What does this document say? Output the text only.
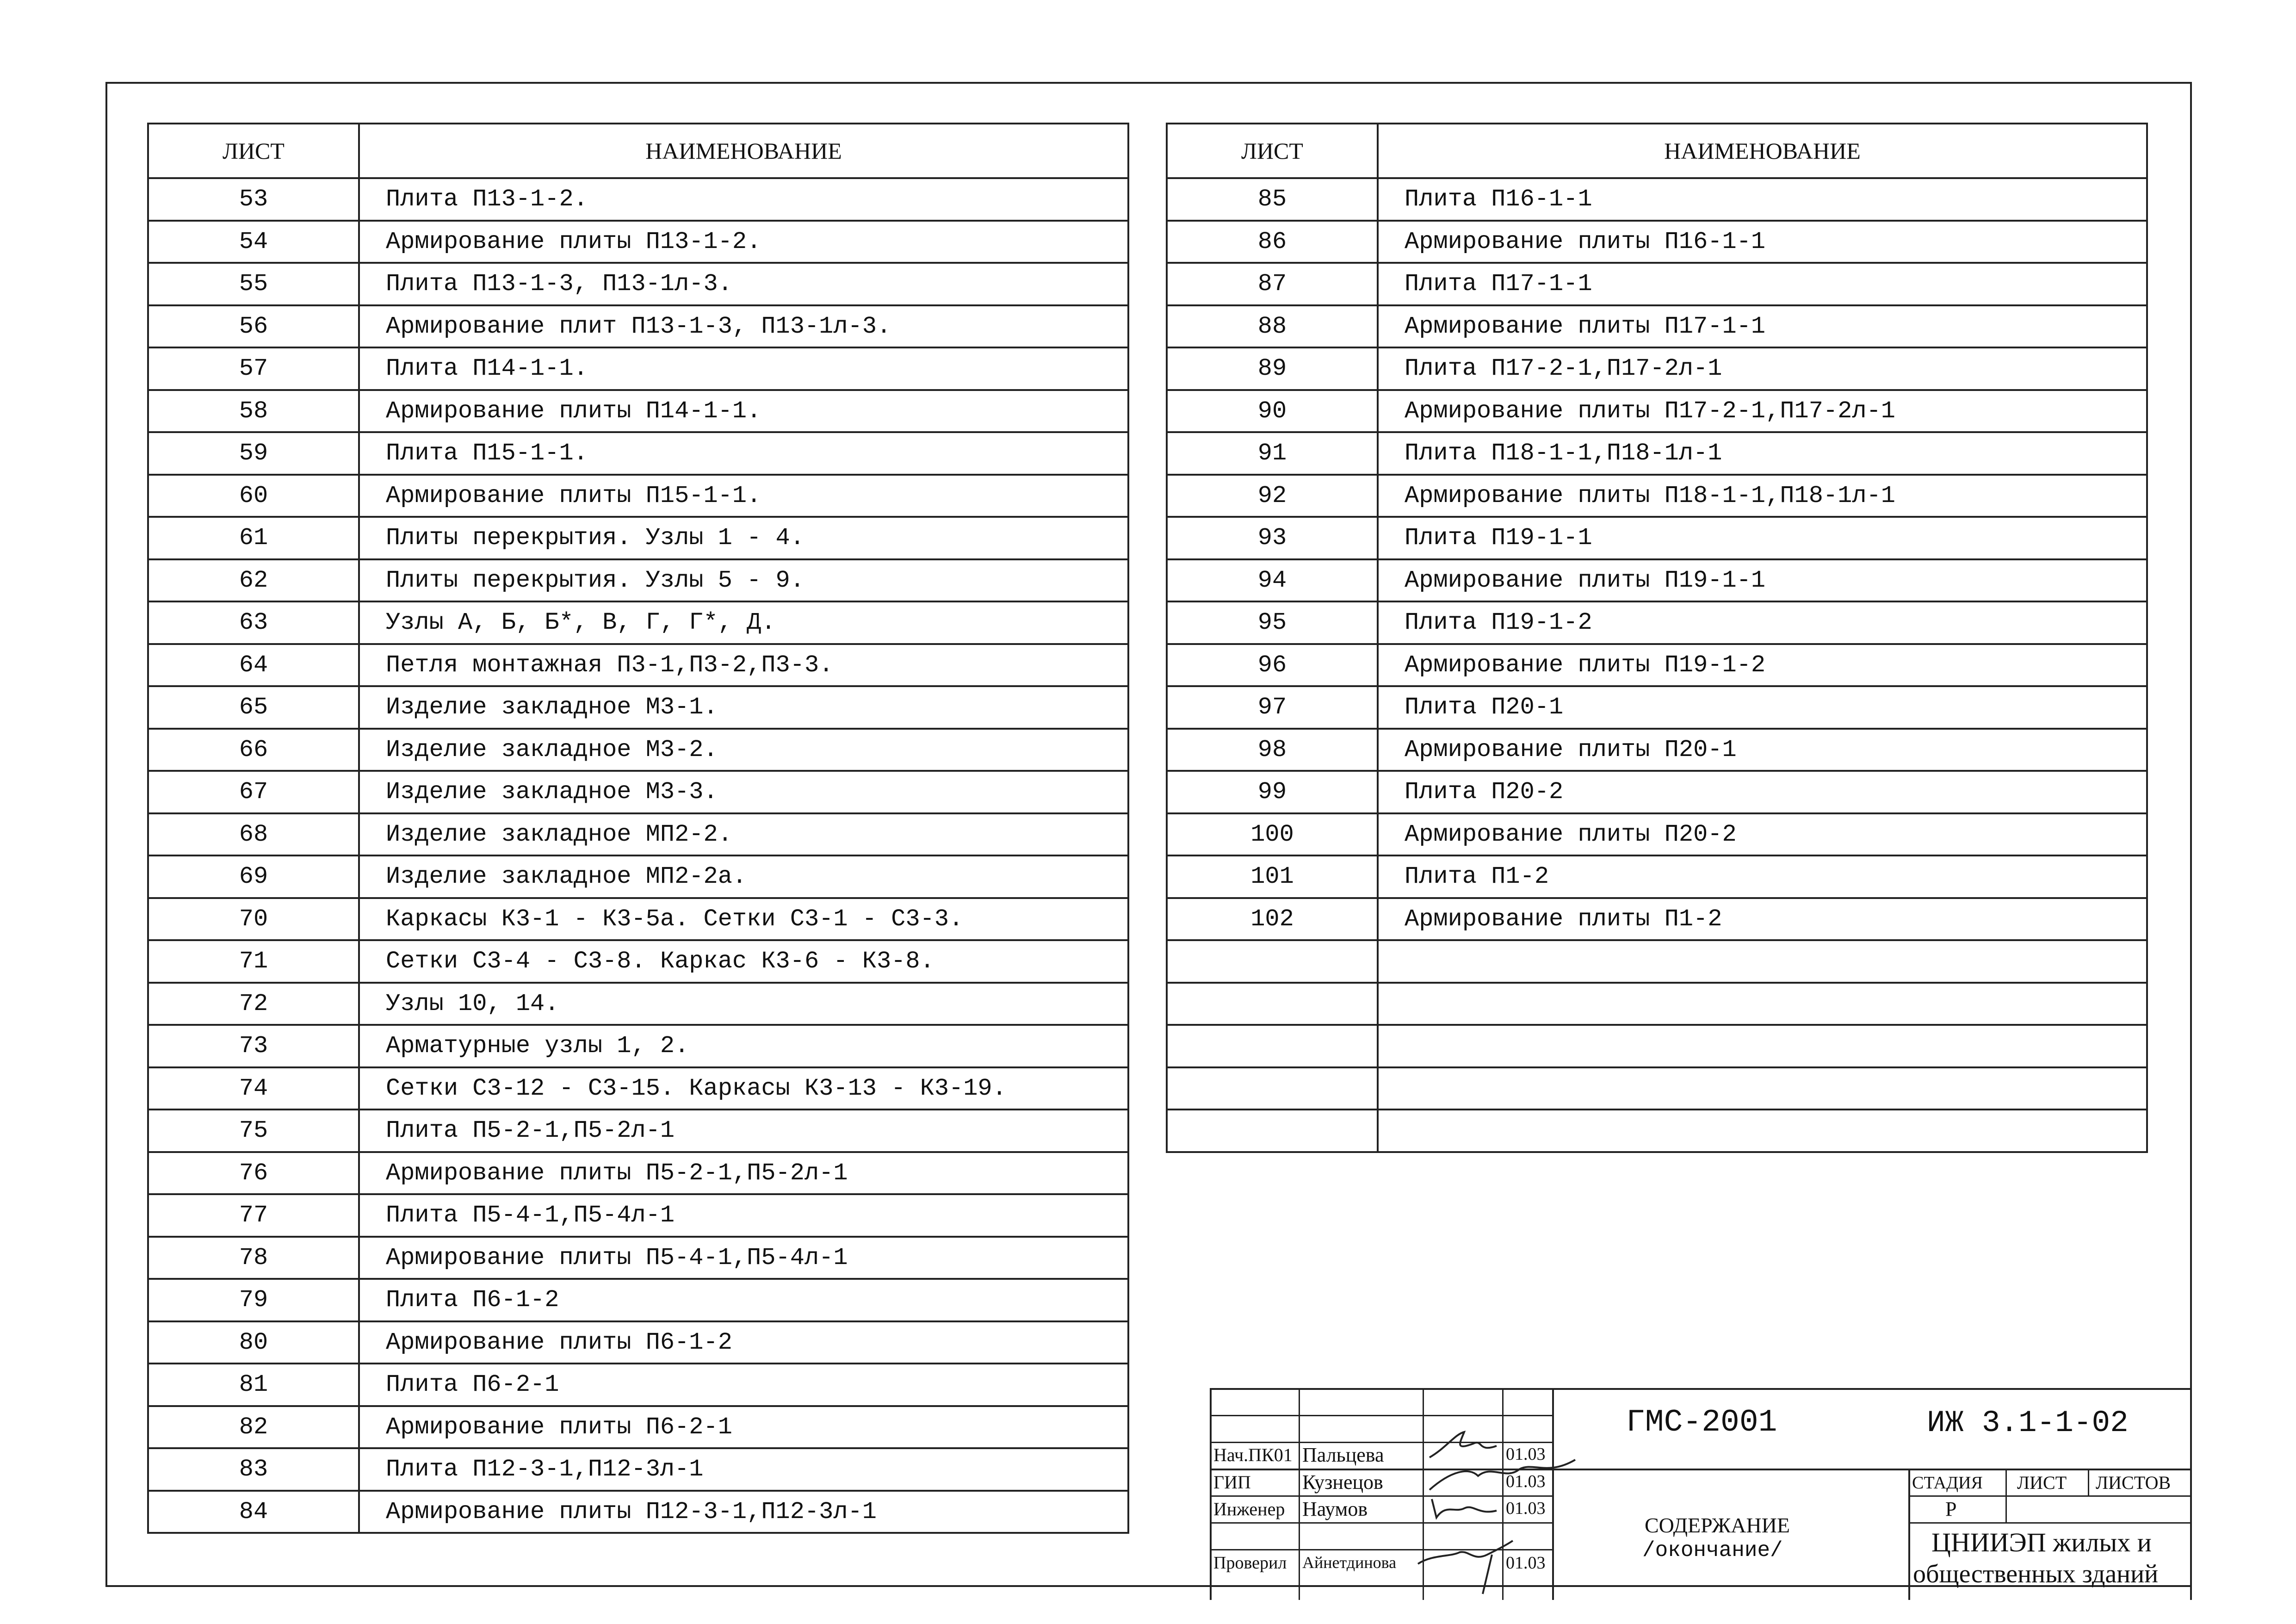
ЛИСТ	НАИМЕНОВАНИЕ
53	Плита П13-1-2.
54	Армирование плиты П13-1-2.
55	Плита П13-1-3, П13-1л-3.
56	Армирование плит П13-1-3, П13-1л-3.
57	Плита П14-1-1.
58	Армирование плиты П14-1-1.
59	Плита П15-1-1.
60	Армирование плиты П15-1-1.
61	Плиты перекрытия. Узлы 1 - 4.
62	Плиты перекрытия. Узлы 5 - 9.
63	Узлы А, Б, Б*, В, Г, Г*, Д.
64	Петля монтажная П3-1,П3-2,П3-3.
65	Изделие закладное М3-1.
66	Изделие закладное М3-2.
67	Изделие закладное М3-3.
68	Изделие закладное МП2-2.
69	Изделие закладное МП2-2а.
70	Каркасы К3-1 - К3-5а. Сетки С3-1 - С3-3.
71	Сетки С3-4 - С3-8. Каркас К3-6 - К3-8.
72	Узлы 10, 14.
73	Арматурные узлы 1, 2.
74	Сетки С3-12 - С3-15. Каркасы К3-13 - К3-19.
75	Плита П5-2-1,П5-2л-1
76	Армирование плиты П5-2-1,П5-2л-1
77	Плита П5-4-1,П5-4л-1
78	Армирование плиты П5-4-1,П5-4л-1
79	Плита П6-1-2
80	Армирование плиты П6-1-2
81	Плита П6-2-1
82	Армирование плиты П6-2-1
83	Плита П12-3-1,П12-3л-1
84	Армирование плиты П12-3-1,П12-3л-1
ЛИСТ	НАИМЕНОВАНИЕ
85	Плита П16-1-1
86	Армирование плиты П16-1-1
87	Плита П17-1-1
88	Армирование плиты П17-1-1
89	Плита П17-2-1,П17-2л-1
90	Армирование плиты П17-2-1,П17-2л-1
91	Плита П18-1-1,П18-1л-1
92	Армирование плиты П18-1-1,П18-1л-1
93	Плита П19-1-1
94	Армирование плиты П19-1-1
95	Плита П19-1-2
96	Армирование плиты П19-1-2
97	Плита П20-1
98	Армирование плиты П20-1
99	Плита П20-2
100	Армирование плиты П20-2
101	Плита П1-2
102	Армирование плиты П1-2

ГМС-2001	ИЖ 3.1-1-02
Нач.ПК01 Пальцева	01.03
ГИП	Кузнецов	01.03
Инженер Наумов	01.03
Проверил Айнетдинова	01.03
СОДЕРЖАНИЕ
/окончание/
СТАДИЯ ЛИСТ ЛИСТОВ
Р
ЦНИИЭП жилых и
общественных зданий
